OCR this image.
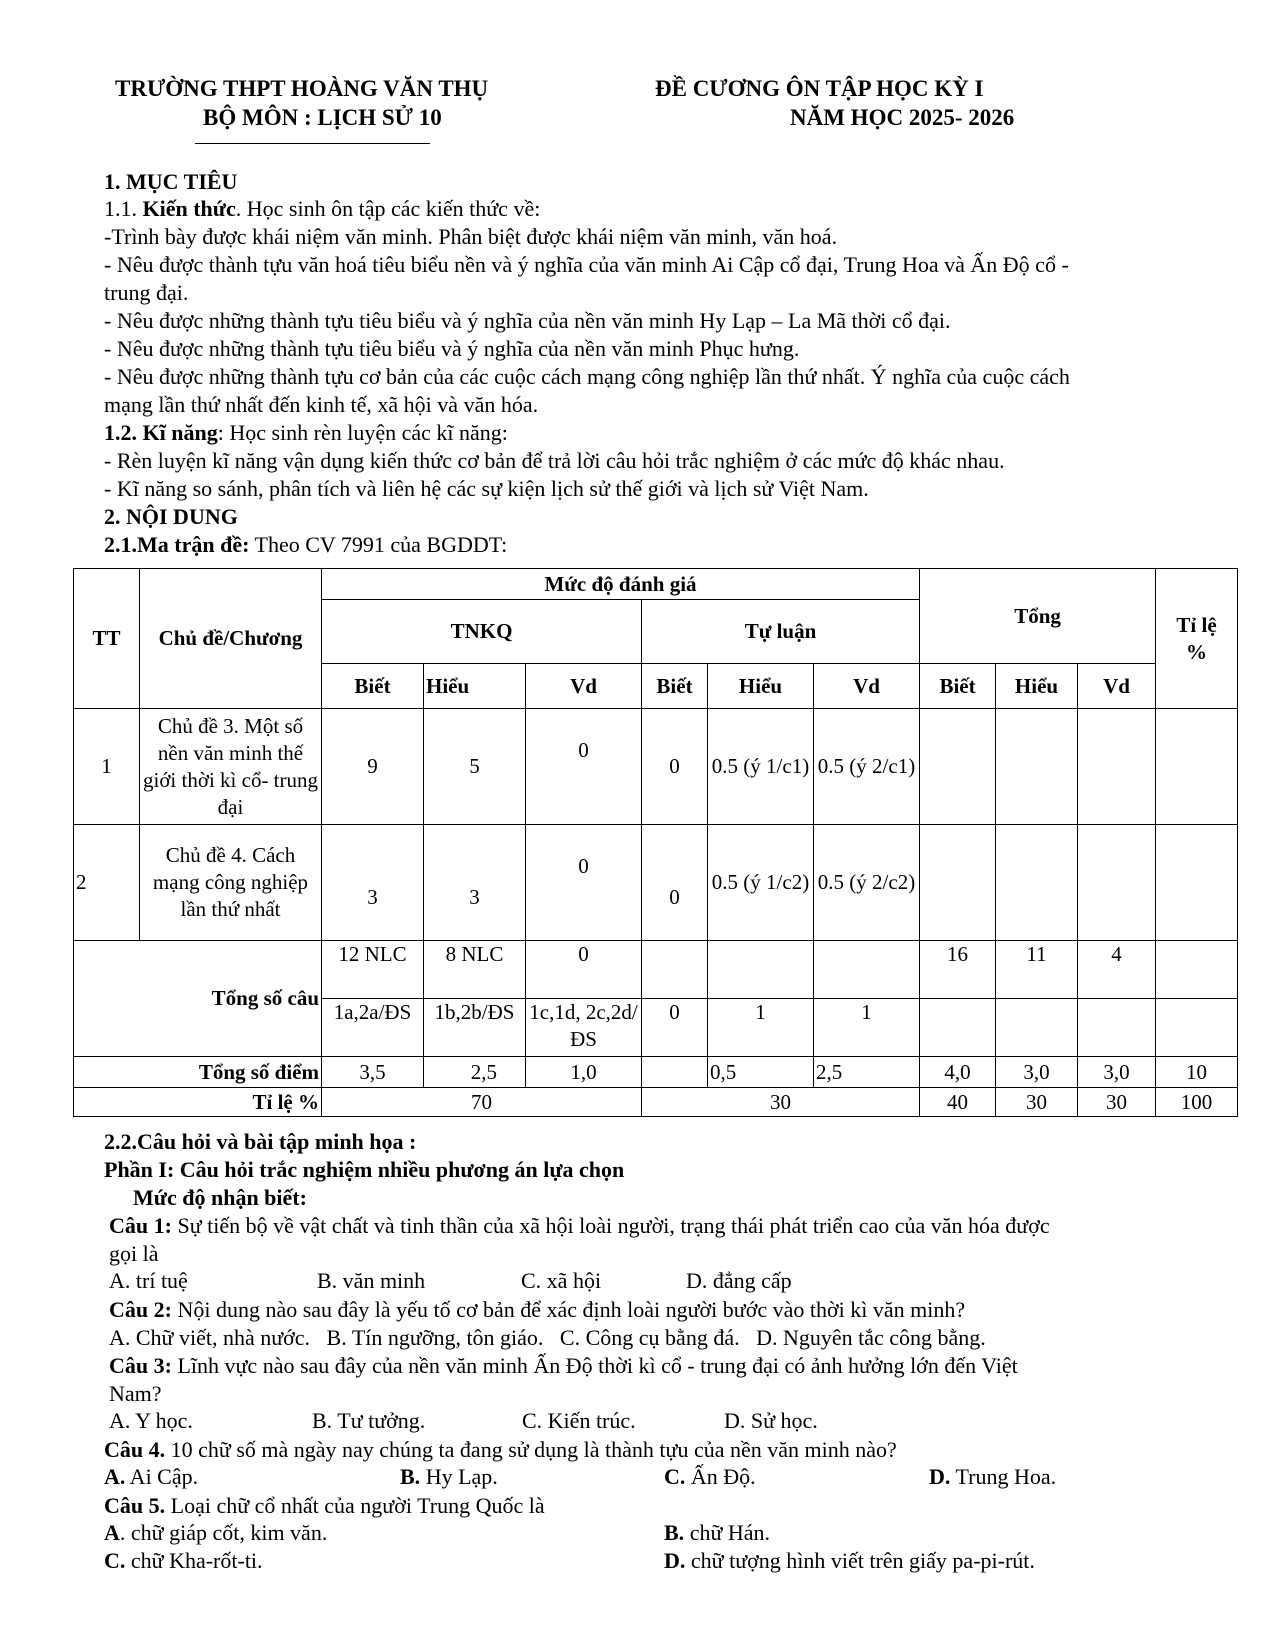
TRƯỜNG THPT HOÀNG VĂN THỤ
BỘ MÔN : LỊCH SỬ 10
ĐỀ CƯƠNG ÔN TẬP HỌC KỲ I
NĂM HỌC 2025- 2026
1. MỤC TIÊU
1.1. Kiến thức. Học sinh ôn tập các kiến thức về:
-Trình bày được khái niệm văn minh. Phân biệt được khái niệm văn minh, văn hoá.
- Nêu được thành tựu văn hoá tiêu biểu nền và ý nghĩa của văn minh Ai Cập cổ đại, Trung Hoa và Ấn Độ cổ -
trung đại.
- Nêu được những thành tựu tiêu biểu và ý nghĩa của nền văn minh Hy Lạp – La Mã thời cổ đại.
- Nêu được những thành tựu tiêu biểu và ý nghĩa của nền văn minh Phục hưng.
- Nêu được những thành tựu cơ bản của các cuộc cách mạng công nghiệp lần thứ nhất. Ý nghĩa của cuộc cách
mạng lần thứ nhất đến kinh tế, xã hội và văn hóa.
1.2. Kĩ năng: Học sinh rèn luyện các kĩ năng:
- Rèn luyện kĩ năng vận dụng kiến thức cơ bản để trả lời câu hỏi trắc nghiệm ở các mức độ khác nhau.
- Kĩ năng so sánh, phân tích và liên hệ các sự kiện lịch sử thế giới và lịch sử Việt Nam.
2. NỘI DUNG
2.1.Ma trận đề: Theo CV 7991 của BGDDT:
TT	Chủ đề/Chương	Mức độ đánh giá						Tổng			Tỉ lệ %
		TNKQ			Tự luận						
		Biết	Hiểu	Vd	Biết	Hiểu	Vd	Biết	Hiểu	Vd	
1	Chủ đề 3. Một số nền văn minh thế giới thời kì cổ- trung đại	9	5	0	0	0.5 (ý 1/c1)	0.5 (ý 2/c1)				
2	Chủ đề 4. Cách mạng công nghiệp lần thứ nhất	3	3	0	0	0.5 (ý 1/c2)	0.5 (ý 2/c2)				
Tổng số câu		12 NLC	8 NLC	0				16	11	4	
		1a,2a/ĐS	1b,2b/ĐS	1c,1d, 2c,2d/ĐS	0	1	1				
Tổng số điểm		3,5	2,5	1,0		0,5	2,5	4,0	3,0	3,0	10
Tỉ lệ %		70			30			40	30	30	100
2.2.Câu hỏi và bài tập minh họa :
Phần I: Câu hỏi trắc nghiệm nhiều phương án lựa chọn
Mức độ nhận biết:
Câu 1: Sự tiến bộ về vật chất và tinh thần của xã hội loài người, trạng thái phát triển cao của văn hóa được
gọi là
A. trí tuệ	B. văn minh	C. xã hội	D. đẳng cấp
Câu 2: Nội dung nào sau đây là yếu tố cơ bản để xác định loài người bước vào thời kì văn minh?
A. Chữ viết, nhà nước.   B. Tín ngưỡng, tôn giáo.   C. Công cụ bằng đá.   D. Nguyên tắc công bằng.
Câu 3: Lĩnh vực nào sau đây của nền văn minh Ấn Độ thời kì cổ - trung đại có ảnh hưởng lớn đến Việt
Nam?
A. Y học.	B. Tư tưởng.	C. Kiến trúc.	D. Sử học.
Câu 4. 10 chữ số mà ngày nay chúng ta đang sử dụng là thành tựu của nền văn minh nào?
A. Ai Cập.	B. Hy Lạp.	C. Ấn Độ.	D. Trung Hoa.
Câu 5. Loại chữ cổ nhất của người Trung Quốc là
A. chữ giáp cốt, kim văn.	B. chữ Hán.
C. chữ Kha-rốt-ti.	D. chữ tượng hình viết trên giấy pa-pi-rút.
